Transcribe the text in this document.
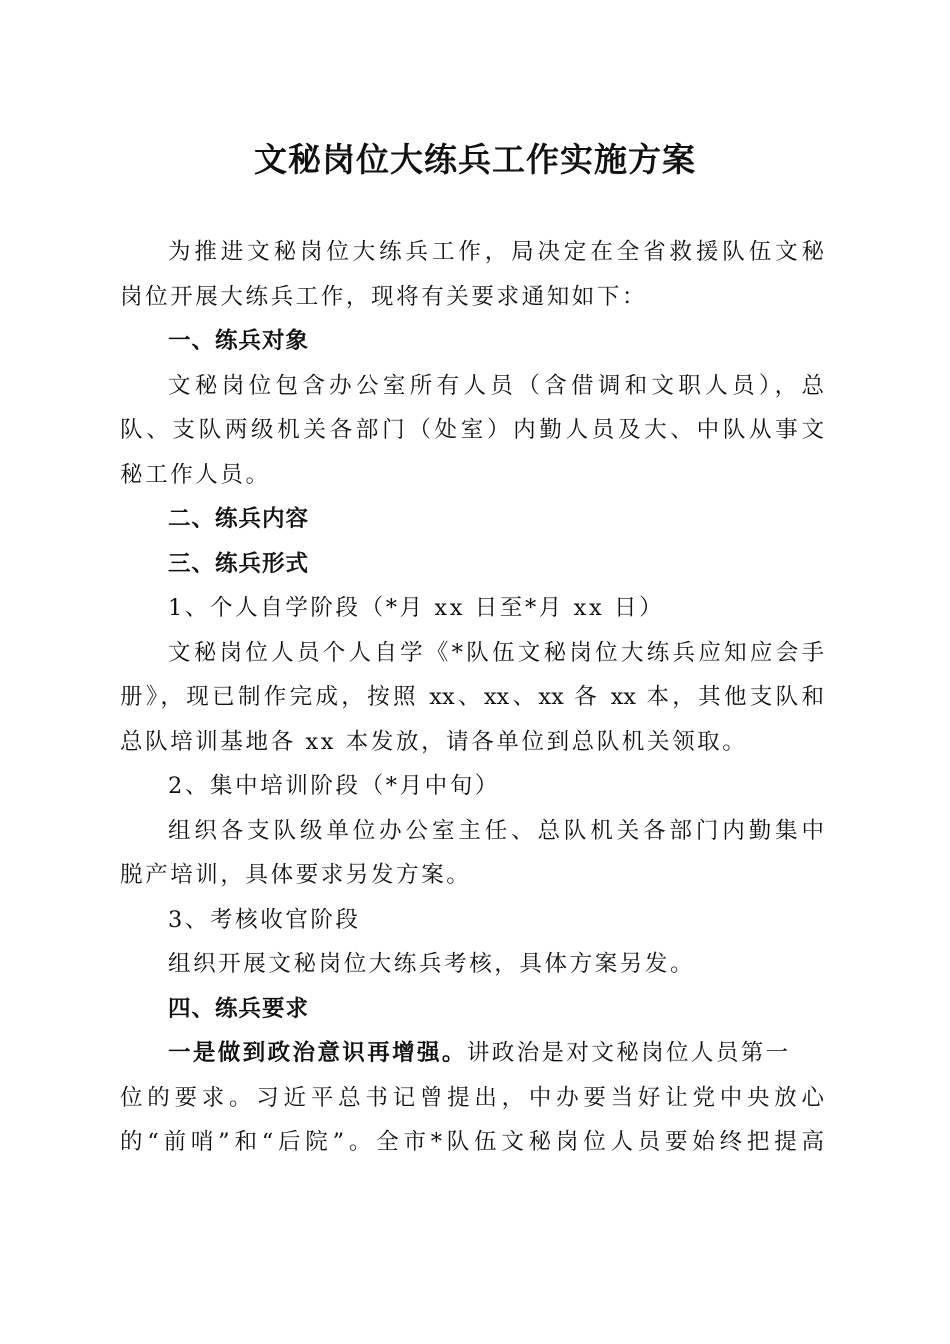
文秘岗位大练兵工作实施方案
为推进文秘岗位大练兵工作，局决定在全省救援队伍文秘
岗位开展大练兵工作，现将有关要求通知如下：
一、练兵对象
文秘岗位包含办公室所有人员（含借调和文职人员），总
队、支队两级机关各部门（处室）内勤人员及大、中队从事文
秘工作人员。
二、练兵内容
三、练兵形式
1、个人自学阶段（*月 xx 日至*月 xx 日）
文秘岗位人员个人自学《*队伍文秘岗位大练兵应知应会手
册》，现已制作完成，按照 xx、xx、xx 各 xx 本，其他支队和
总队培训基地各 xx 本发放，请各单位到总队机关领取。
2、集中培训阶段（*月中旬）
组织各支队级单位办公室主任、总队机关各部门内勤集中
脱产培训，具体要求另发方案。
3、考核收官阶段
组织开展文秘岗位大练兵考核，具体方案另发。
四、练兵要求
一是做到政治意识再增强。讲政治是对文秘岗位人员第一
位的要求。习近平总书记曾提出，中办要当好让党中央放心
的“前哨”和“后院”。全市*队伍文秘岗位人员要始终把提高
